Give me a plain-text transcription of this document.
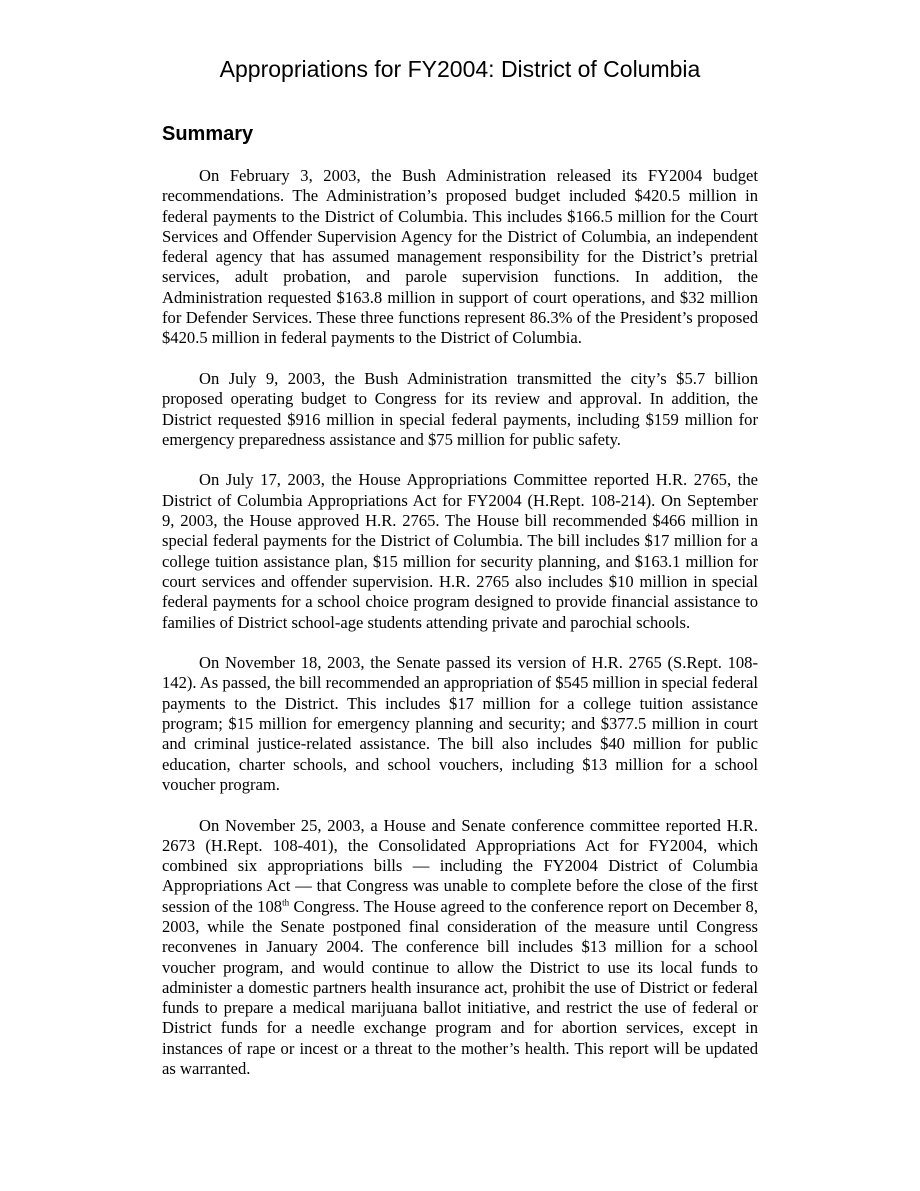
Appropriations for FY2004: District of Columbia
Summary

On February 3, 2003, the Bush Administration released its FY2004 budget recommendations. The Administration’s proposed budget included $420.5 million in federal payments to the District of Columbia. This includes $166.5 million for the Court Services and Offender Supervision Agency for the District of Columbia, an independent federal agency that has assumed management responsibility for the District’s pretrial services, adult probation, and parole supervision functions. In addition, the Administration requested $163.8 million in support of court operations, and $32 million for Defender Services. These three functions represent 86.3% of the President’s proposed $420.5 million in federal payments to the District of Columbia.

On July 9, 2003, the Bush Administration transmitted the city’s $5.7 billion proposed operating budget to Congress for its review and approval. In addition, the District requested $916 million in special federal payments, including $159 million for emergency preparedness assistance and $75 million for public safety.

On July 17, 2003, the House Appropriations Committee reported H.R. 2765, the District of Columbia Appropriations Act for FY2004 (H.Rept. 108-214). On September 9, 2003, the House approved H.R. 2765. The House bill recommended $466 million in special federal payments for the District of Columbia. The bill includes $17 million for a college tuition assistance plan, $15 million for security planning, and $163.1 million for court services and offender supervision. H.R. 2765 also includes $10 million in special federal payments for a school choice program designed to provide financial assistance to families of District school-age students attending private and parochial schools.

On November 18, 2003, the Senate passed its version of H.R. 2765 (S.Rept. 108-142). As passed, the bill recommended an appropriation of $545 million in special federal payments to the District. This includes $17 million for a college tuition assistance program; $15 million for emergency planning and security; and $377.5 million in court and criminal justice-related assistance. The bill also includes $40 million for public education, charter schools, and school vouchers, including $13 million for a school voucher program.

On November 25, 2003, a House and Senate conference committee reported H.R. 2673 (H.Rept. 108-401), the Consolidated Appropriations Act for FY2004, which combined six appropriations bills — including the FY2004 District of Columbia Appropriations Act — that Congress was unable to complete before the close of the first session of the 108th Congress. The House agreed to the conference report on December 8, 2003, while the Senate postponed final consideration of the measure until Congress reconvenes in January 2004. The conference bill includes $13 million for a school voucher program, and would continue to allow the District to use its local funds to administer a domestic partners health insurance act, prohibit the use of District or federal funds to prepare a medical marijuana ballot initiative, and restrict the use of federal or District funds for a needle exchange program and for abortion services, except in instances of rape or incest or a threat to the mother’s health. This report will be updated as warranted.
